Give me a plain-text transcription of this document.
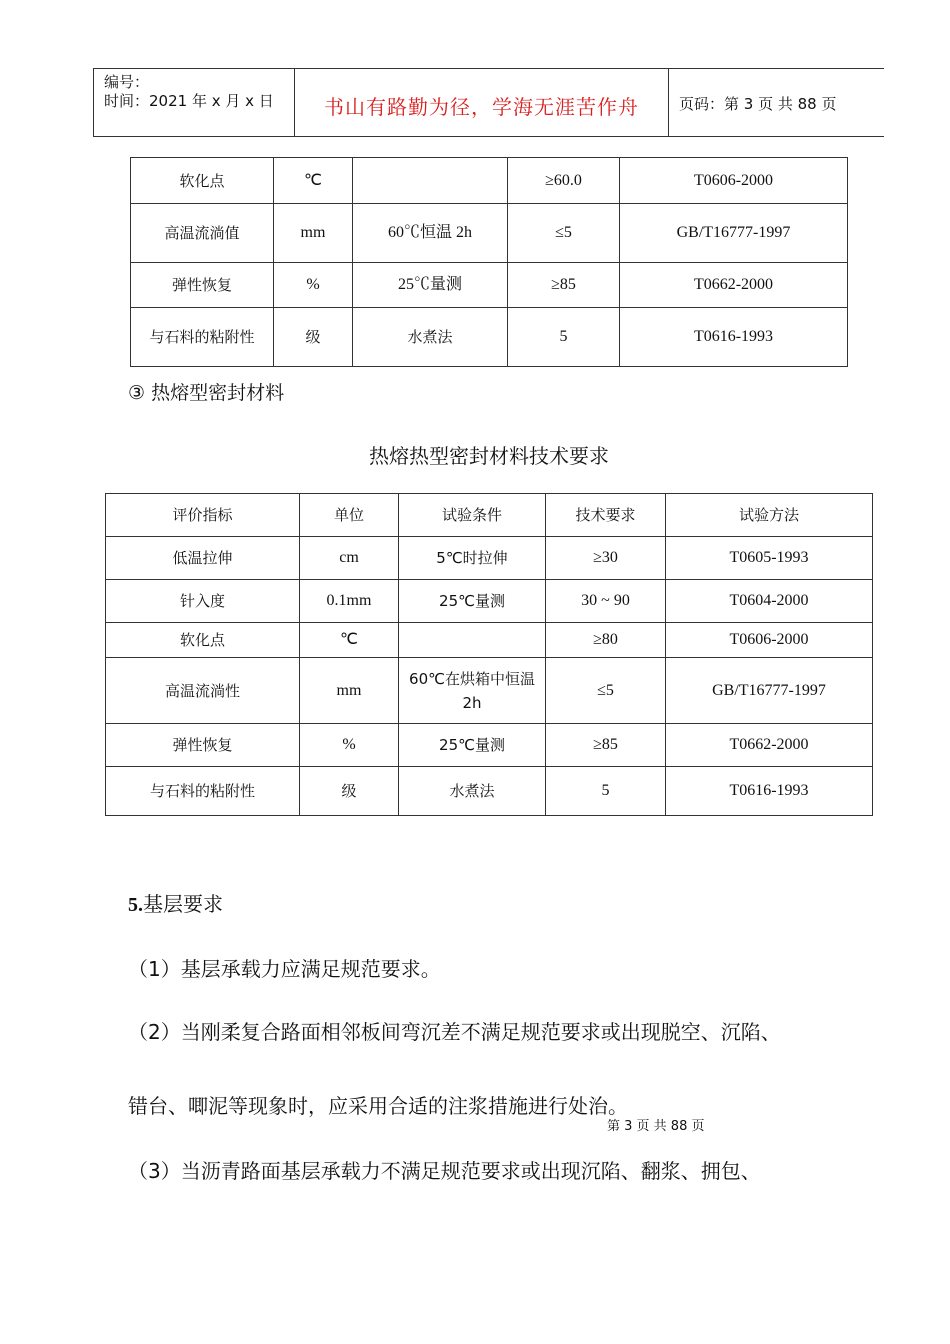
编号：
时间：2021 年 x 月 x 日	书山有路勤为径，学海无涯苦作舟	页码：第 3 页 共 88 页
软化点	℃		≥60.0	T0606-2000
高温流淌值	mm	60℃恒温 2h	≤5	GB/T16777-1997
弹性恢复	%	25℃量测	≥85	T0662-2000
与石料的粘附性	级	水煮法	5	T0616-1993
③ 热熔型密封材料
热熔热型密封材料技术要求
评价指标	单位	试验条件	技术要求	试验方法
低温拉伸	cm	5℃时拉伸	≥30	T0605-1993
针入度	0.1mm	25℃量测	30 ~ 90	T0604-2000
软化点	℃		≥80	T0606-2000
高温流淌性	mm	60℃在烘箱中恒温 2h	≤5	GB/T16777-1997
弹性恢复	%	25℃量测	≥85	T0662-2000
与石料的粘附性	级	水煮法	5	T0616-1993
5.基层要求
（1）基层承载力应满足规范要求。
（2）当刚柔复合路面相邻板间弯沉差不满足规范要求或出现脱空、沉陷、
错台、唧泥等现象时，应采用合适的注浆措施进行处治。
第 3 页 共 88 页
（3）当沥青路面基层承载力不满足规范要求或出现沉陷、翻浆、拥包、
